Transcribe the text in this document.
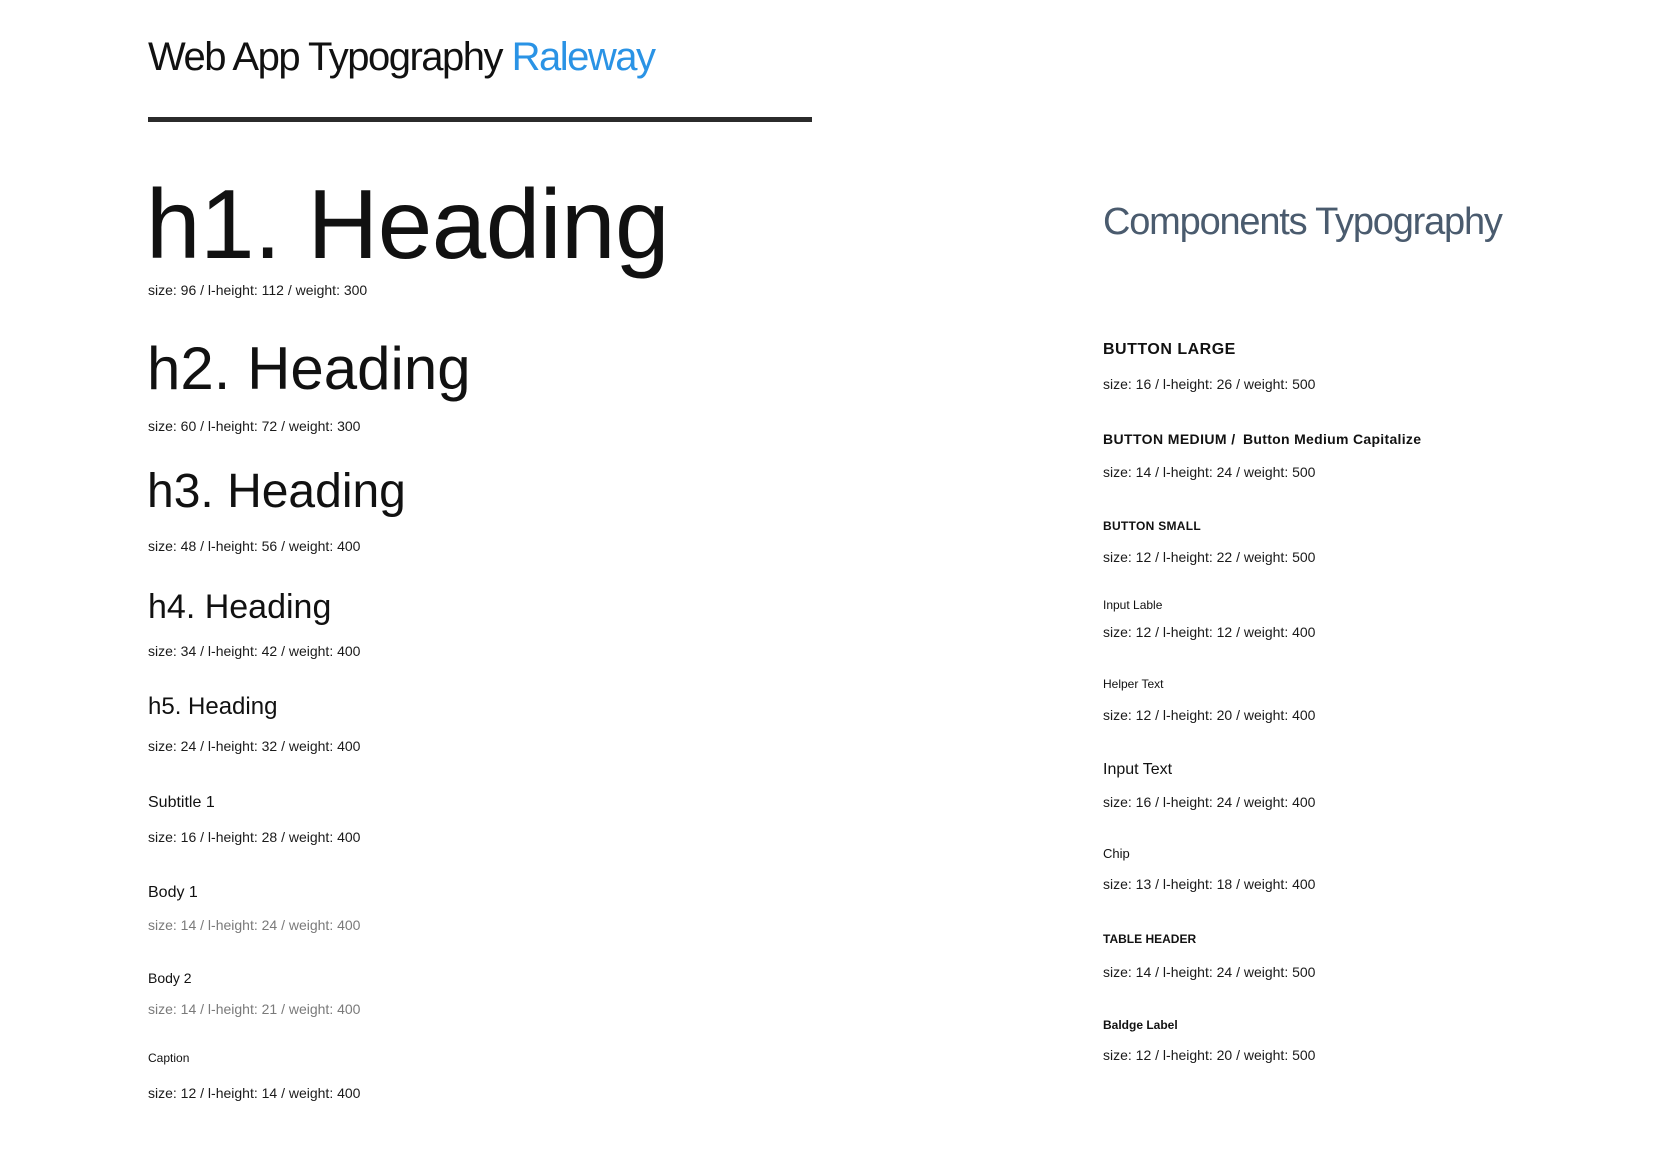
Web App Typography Raleway
h1. Heading
size: 96 / l-height: 112 / weight: 300
h2. Heading
size: 60 / l-height: 72 / weight: 300
h3. Heading
size: 48 / l-height: 56 / weight: 400
h4. Heading
size: 34 / l-height: 42 / weight: 400
h5. Heading
size: 24 / l-height: 32 / weight: 400
Subtitle 1
size: 16 / l-height: 28 / weight: 400
Body 1
size: 14 / l-height: 24 / weight: 400
Body 2
size: 14 / l-height: 21 / weight: 400
Caption
size: 12 / l-height: 14 / weight: 400
Components Typography
BUTTON LARGE
size: 16 / l-height: 26 / weight: 500
BUTTON MEDIUM / Button Medium Capitalize
size: 14 / l-height: 24 / weight: 500
BUTTON SMALL
size: 12 / l-height: 22 / weight: 500
Input Lable
size: 12 / l-height: 12 / weight: 400
Helper Text
size: 12 / l-height: 20 / weight: 400
Input Text
size: 16 / l-height: 24 / weight: 400
Chip
size: 13 / l-height: 18 / weight: 400
TABLE HEADER
size: 14 / l-height: 24 / weight: 500
Baldge Label
size: 12 / l-height: 20 / weight: 500
